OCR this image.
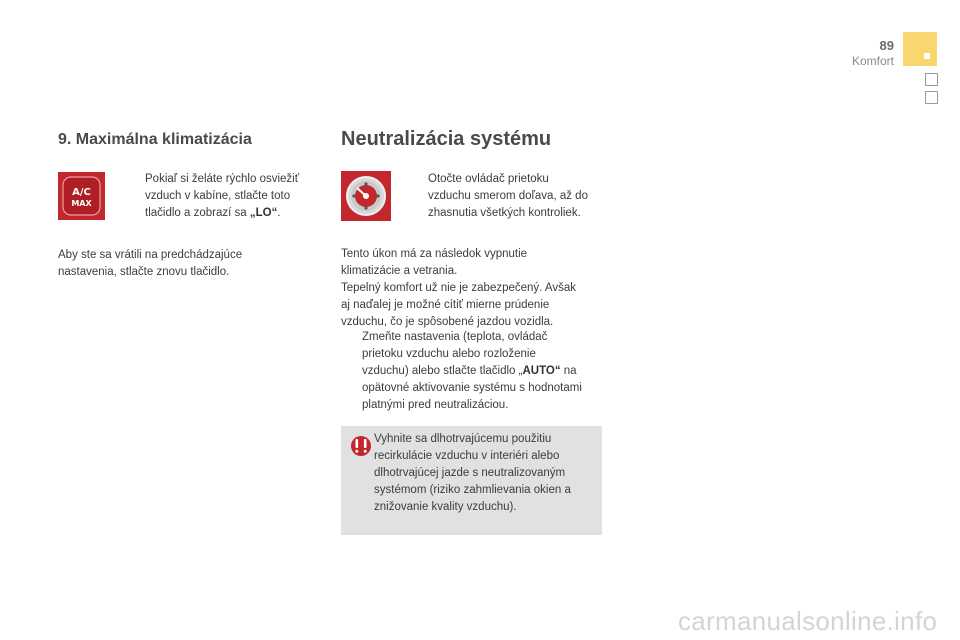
89
Komfort
9. Maximálna klimatizácia
A/C
MAX
Pokiaľ si želáte rýchlo osviežiť
vzduch v kabíne, stlačte toto
tlačidlo a zobrazí sa „LO“.
Aby ste sa vrátili na predchádzajúce
nastavenia, stlačte znovu tlačidlo.
Neutralizácia systému
Otočte ovládač prietoku
vzduchu smerom doľava, až do
zhasnutia všetkých kontroliek.
Tento úkon má za následok vypnutie
klimatizácie a vetrania.
Tepelný komfort už nie je zabezpečený. Avšak
aj naďalej je možné cítiť mierne prúdenie
vzduchu, čo je spôsobené jazdou vozidla.
Zmeňte nastavenia (teplota, ovládač
prietoku vzduchu alebo rozloženie
vzduchu) alebo stlačte tlačidlo „AUTO“ na
opätovné aktivovanie systému s hodnotami
platnými pred neutralizáciou.
Vyhnite sa dlhotrvajúcemu použitiu
recirkulácie vzduchu v interiéri alebo
dlhotrvajúcej jazde s neutralizovaným
systémom (riziko zahmlievania okien a
znižovanie kvality vzduchu).
carmanualsonline.info
